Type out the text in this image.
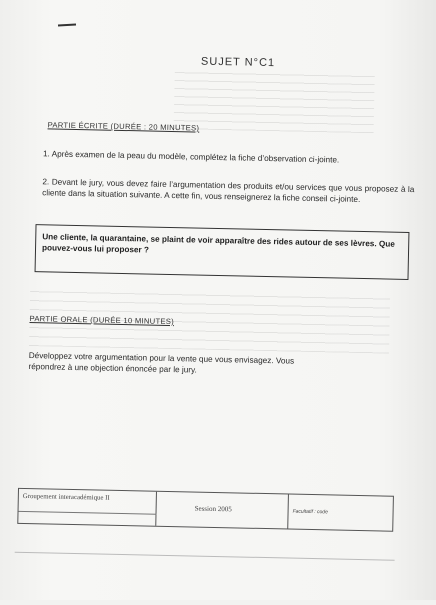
SUJET N°C1
PARTIE ÉCRITE (DURÉE : 20 MINUTES)
1. Après examen de la peau du modèle, complétez la fiche d’observation ci-jointe.
2. Devant le jury, vous devez faire l’argumentation des produits et/ou services que vous proposez à la cliente dans la situation suivante. A cette fin, vous renseignerez la fiche conseil ci-jointe.
Une cliente, la quarantaine, se plaint de voir apparaître des rides autour de ses lèvres. Que pouvez-vous lui proposer ?
PARTIE ORALE (DURÉE 10 MINUTES)
Développez votre argumentation pour la vente que vous envisagez. Vous répondrez à une objection énoncée par le jury.
Groupement interacadémique II
Session 2005	Facultatif : code
